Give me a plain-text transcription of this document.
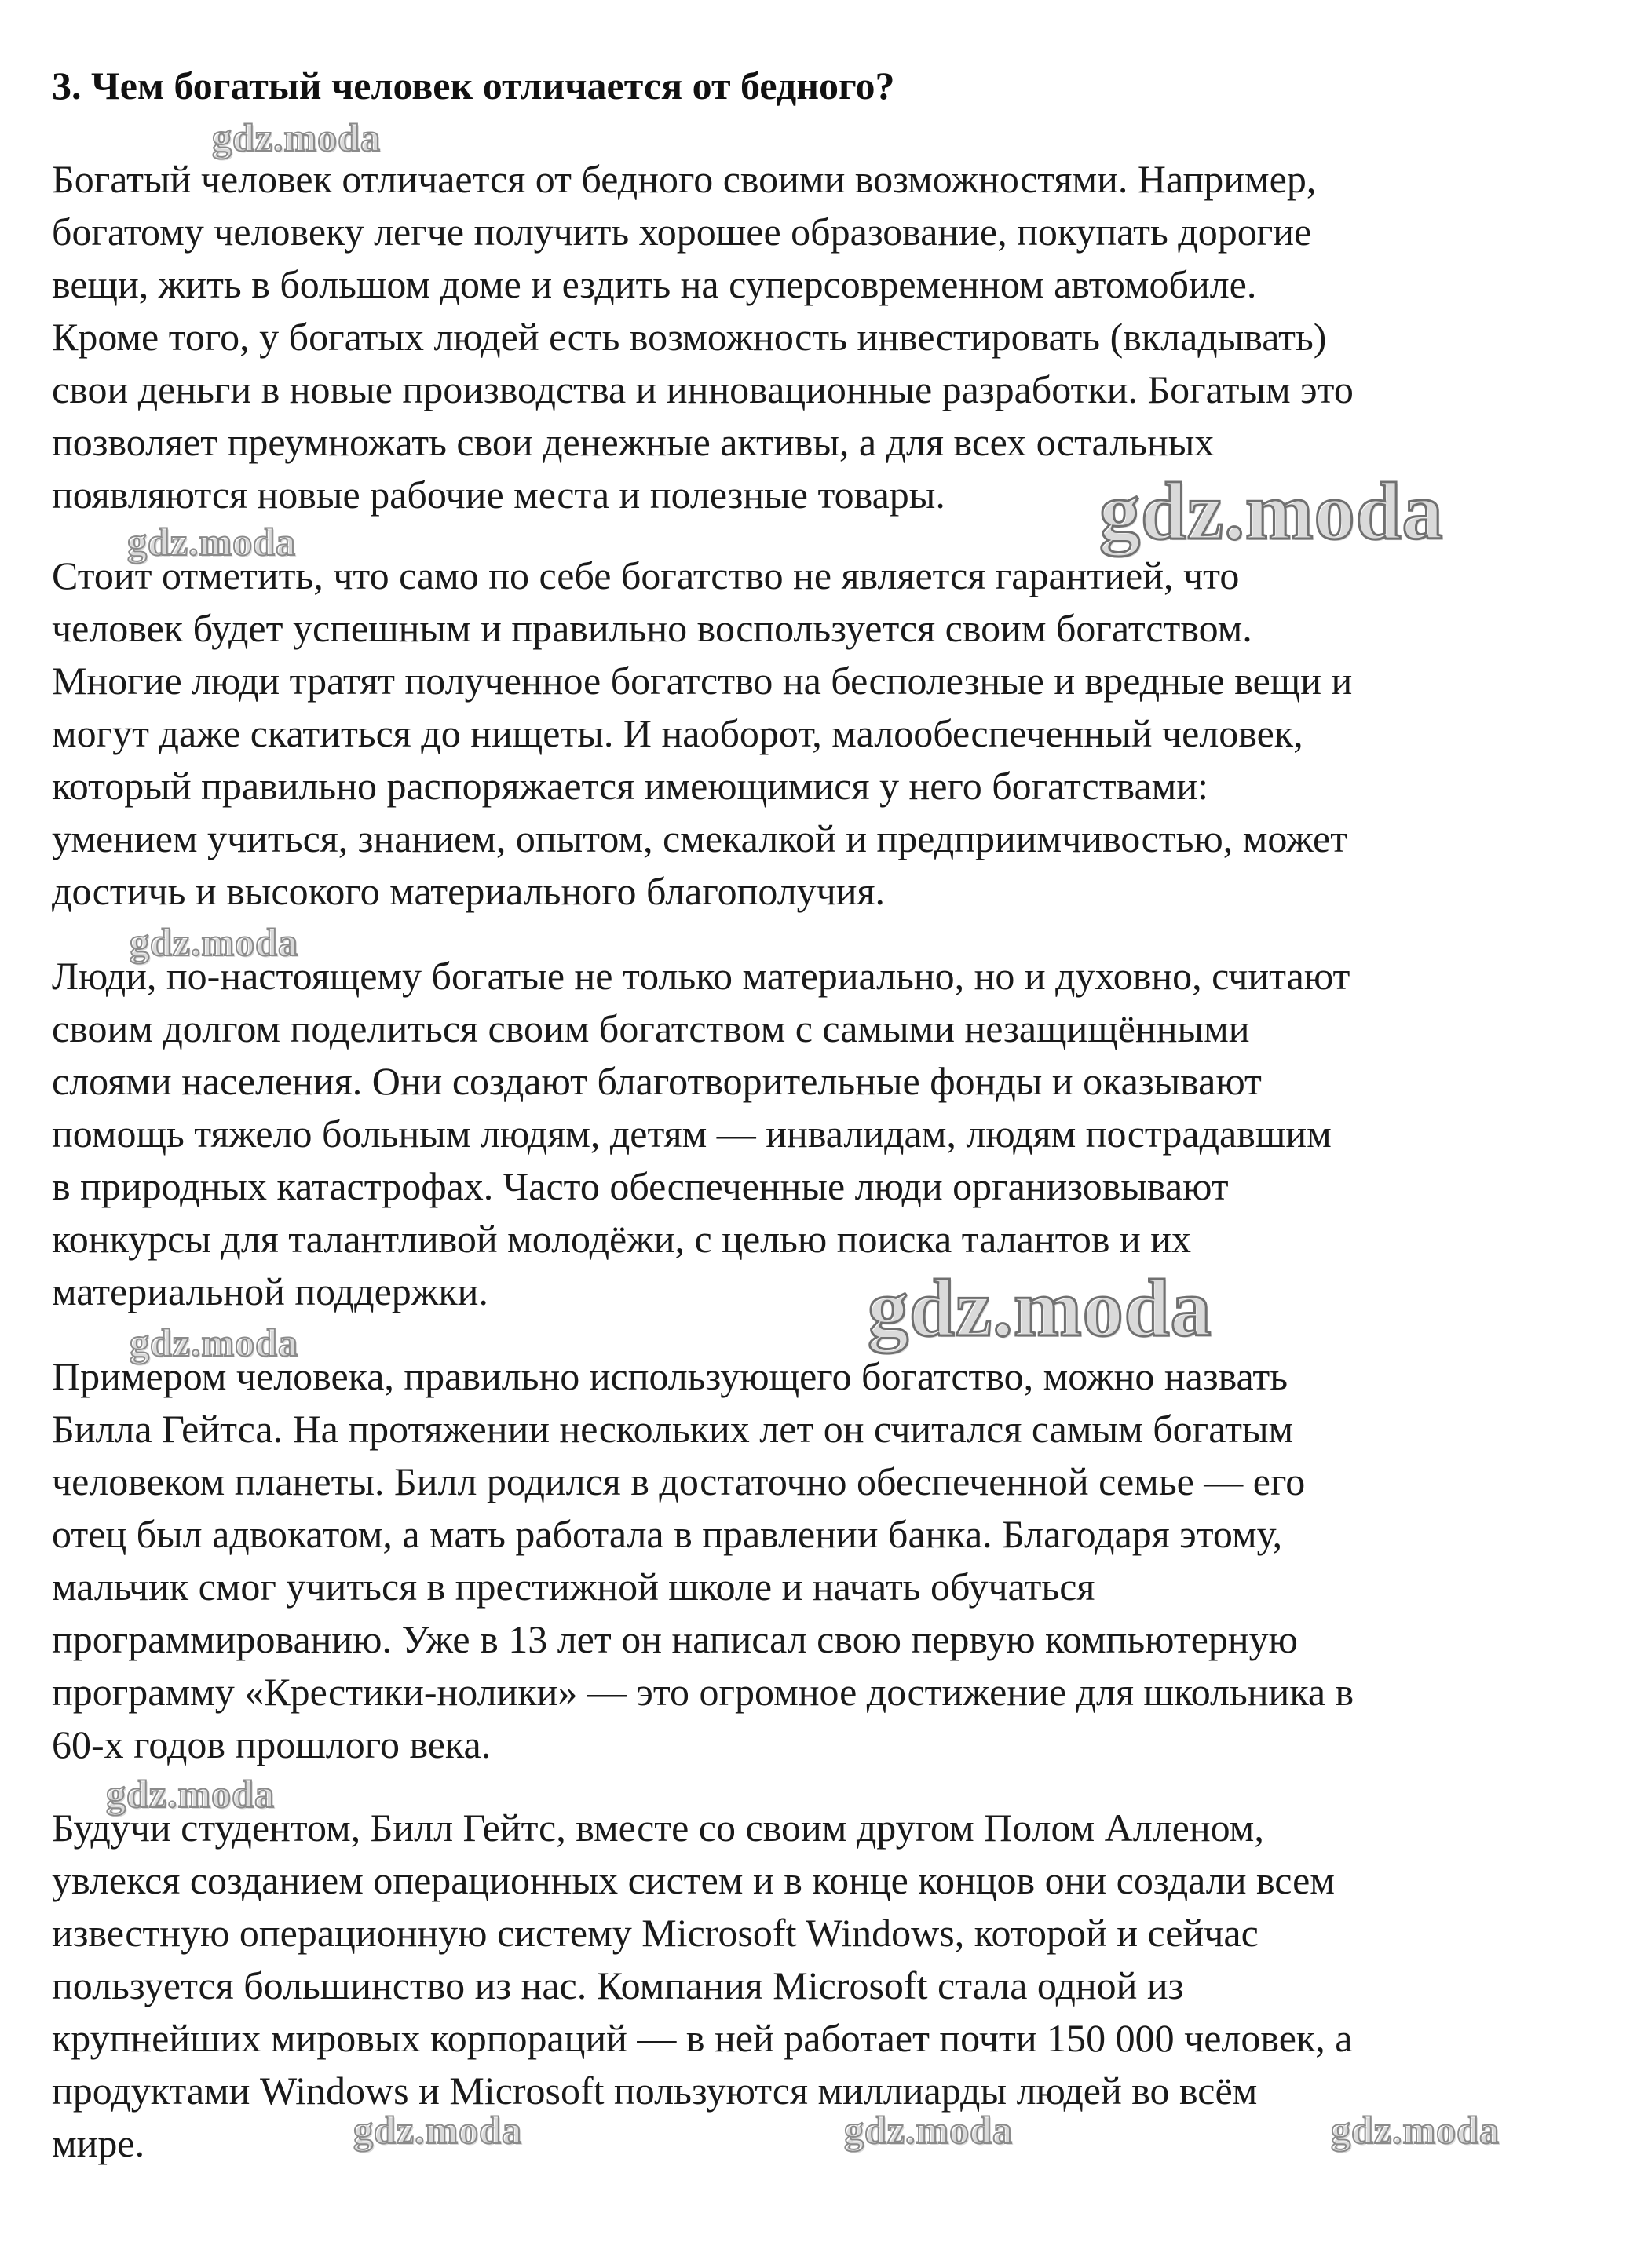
3. Чем богатый человек отличается от бедного?
Богатый человек отличается от бедного своими возможностями. Например,
богатому человеку легче получить хорошее образование, покупать дорогие
вещи, жить в большом доме и ездить на суперсовременном автомобиле.
Кроме того, у богатых людей есть возможность инвестировать (вкладывать)
свои деньги в новые производства и инновационные разработки. Богатым это
позволяет преумножать свои денежные активы, а для всех остальных
появляются новые рабочие места и полезные товары.
Стоит отметить, что само по себе богатство не является гарантией, что
человек будет успешным и правильно воспользуется своим богатством.
Многие люди тратят полученное богатство на бесполезные и вредные вещи и
могут даже скатиться до нищеты. И наоборот, малообеспеченный человек,
который правильно распоряжается имеющимися у него богатствами:
умением учиться, знанием, опытом, смекалкой и предприимчивостью, может
достичь и высокого материального благополучия.
Люди, по-настоящему богатые не только материально, но и духовно, считают
своим долгом поделиться своим богатством с самыми незащищёнными
слоями населения. Они создают благотворительные фонды и оказывают
помощь тяжело больным людям, детям — инвалидам, людям пострадавшим
в природных катастрофах. Часто обеспеченные люди организовывают
конкурсы для талантливой молодёжи, с целью поиска талантов и их
материальной поддержки.
Примером человека, правильно использующего богатство, можно назвать
Билла Гейтса. На протяжении нескольких лет он считался самым богатым
человеком планеты. Билл родился в достаточно обеспеченной семье — его
отец был адвокатом, а мать работала в правлении банка. Благодаря этому,
мальчик смог учиться в престижной школе и начать обучаться
программированию. Уже в 13 лет он написал свою первую компьютерную
программу «Крестики-нолики» — это огромное достижение для школьника в
60-х годов прошлого века.
Будучи студентом, Билл Гейтс, вместе со своим другом Полом Алленом,
увлекся созданием операционных систем и в конце концов они создали всем
известную операционную систему Microsoft Windows, которой и сейчас
пользуется большинство из нас. Компания Microsoft стала одной из
крупнейших мировых корпораций — в ней работает почти 150 000 человек, а
продуктами Windows и Microsoft пользуются миллиарды людей во всём
мире.
gdz.moda
gdz.moda
gdz.moda
gdz.moda
gdz.moda
gdz.moda
gdz.moda
gdz.moda	gdz.moda	gdz.moda
